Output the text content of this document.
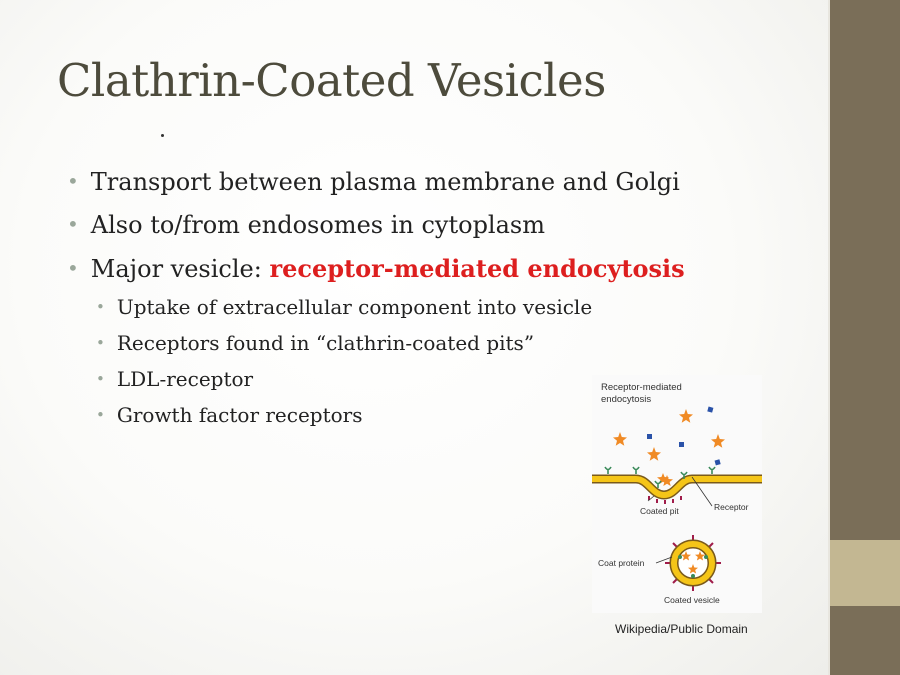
Clathrin-Coated Vesicles
• Transport between plasma membrane and Golgi
• Also to/from endosomes in cytoplasm
• Major vesicle: receptor-mediated endocytosis
• Uptake of extracellular component into vesicle
• Receptors found in “clathrin-coated pits”
• LDL-receptor
• Growth factor receptors
Receptor-mediated
endocytosis
Coated pit	Receptor
Coat protein
Coated vesicle
Wikipedia/Public Domain
